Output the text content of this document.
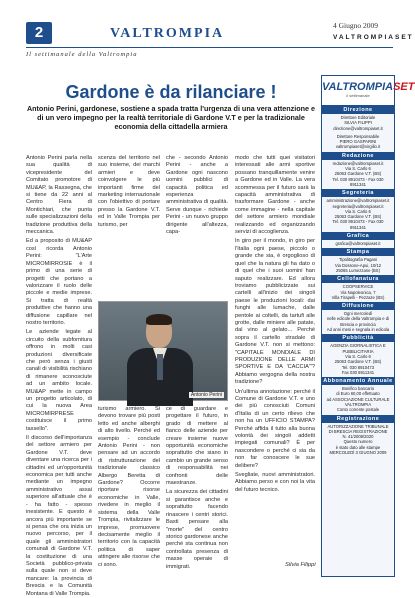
2	VALTROMPIA
4 Giugno 2009
VALTROMPIASET
Il settimanale della Valtrompia
Gardone è da rilanciare !
Antonio Perini, gardonese, sostiene a spada tratta l'urgenza di una vera attenzione e di un vero impegno per la realtà territoriale di Gardone V.T e per la tradizionale economia della cittadella armiera

Antonio Perini parla nella sua qualità di vicepresidente del Comitato promotore di MU&AP, la Rassegna, che si tiene da 22 anni al Centro Fiera di Montichiari, che punta sulle specializzazioni della tradizione produttiva della meccanica.

Ed a proposito di MU&AP così ricorda Antonio Perini: "L'Arte MICROMIRROSIE è il primo di una serie di progetti che portano a valorizzare il ruolo delle piccole e medie imprese. Si tratta di realtà produttive che hanno una diffusione capillare nel nostro territorio.

Le aziende legate al circuito della subfornitura offrono in molti casi produzioni diversificate che però senza i giusti canali di visibilità rischiano di rimanere sconosciute ad un ambito locale. MU&AP mette in campo un progetto articolato, di cui la nuova Area MICROMIRPRESE costituisce il primo tassello".

Il discorso dell'importanza del settore armiero per Gardone V.T. deve diventare una ricerca per i cittadini ed un'opportunità economica per tutti anche mediante un impegno amministrativo assai superiore all'attuale che è - ha fatto - spesso inesistente. E questo è ancora più importante se si pensa che ora inizia un nuovo percorso, per il quale gli amministratori comunali di Gardone V.T. la costituzione di una Società pubblico-privata sulla quale non si deve mancare: la provincia di Brescia e la Comunità Montana di Valle Trompia.

scenza del territorio nel suo insieme, dei marchi armieri e deve coinvolgere le più importanti firme del marketing internazionale con l'obiettivo di portare presso la Gardone V.T. ed in Valle Trompia per turismo, per

che - secondo Antonio Perini - anche a Gardone ogni nascono uomini pubblici di capacità politica ed esperienza amministrativa di qualità. Serve dunque - richiede Perini - un nuovo gruppo dirigente all'altezza, capa-

Antonio Perini

turismo armiero. Si devono trovare più posti letto ed anche alberghi di alto livello. Perché ed esempio - conclude Antonio Perini - non pensare ad un accordo di ristrutturazione del tradizionale classico Albergo Beretta di Gardone? Occorre riportare risorse economiche in Valle, rivedere in meglio il sistema della Valle Trompia, rivitalizzare le imprese, promuovere decisamente meglio il territorio con la capacità politica di saper attingere alle risorse che ci sono.

ce di guardare e progettare il futuro, in grado di mettere al fianco delle aziende per creare insieme nuove opportunità economiche soprattutto che siano in cambio un grande senso di responsabilità nei confronti delle maestranze.

La sicurezza dei cittadini si garantisce anche e soprattutto facendo rinascere i centri storici. Basti pensare alla "morte" del centro storico gardonese anche perché sta continua non controllata presenza di masse operaie di immigrati.

modo che tutti quei visitatori interessati alle armi sportive possano tranquillamente venire a Gardone ed in Valle. La vera scommessa per il futuro sarà la capacità amministrativa di trasformare Gardone - anche come immagine - nella capitale del settore armiero mondiale realizzando ed organizzando servizi di accoglienza.

In giro per il mondo, in giro per l'Italia ogni paese, piccolo o grande che sia, è orgoglioso di quel che la natura gli ha dato o di quel che i suoi uomini han saputo realizzare. Ed allora troviamo pubblicizzate sui cartelli all'inizio dei singoli paese le produzioni locali: dai funghi alle lumache, dalle pentole ai coltelli, da tartufi alle grotte, dalle miniere alle patate, dal vino al gelato... Perché sopra il cartello stradale di Gardone V.T. non si mettono: "CAPITALE MONDIALE DI PRODUZIONE DELLE ARMI SPORTIVE E DA 'CACCIA'"? Abbiamo vergogna della nostra tradizione?

Un'ultima annotazione: perché il Comune di Gardone V.T. e uno dei più conosciuti Comuni d'Italia di un certo rilievo che non ha un UFFICIO STAMPA? Perché affida il tutto alla buona volontà dei singoli addetti impiegati comunali? È per nascondere o perché ci sia da non far conoscere le sue delibere?

Svegliate, nuovi amministratori. Abbiamo perso e con noi la vita del futuro tecnico.

Silvia Filippi
VALTROMPIASET
il settimanale
Direzione
Direttore Editoriale
SILVIA FILIPPI
direzione@valtrompiaset.it
Direttore Responsabile
PIERO GASPARINI
valtrompiaset@virgilio.it
Redazione
redazione@valtrompiaset.it
Via S. Carlo 6
25063 Gardone V.T. (BS)
Tel. 030 8910473 - Fax 030 8911341
Segreteria
amministrazione@valtrompiaset.it
segreteria@valtrompiaset.it
Via S. Carlo 6
25063 Gardone V.T. (BS)
Tel. 030 8910473 - Fax 030 8911341
Grafica
grafica@valtrompiaset.it
Stampa
Tipolitografia Pagani
Via Dossone-Apui, 10/12
25065 Lumezzane (BS)
Cellofanatura
COOPSERVICE
Via Napoleonica, 7
Villa Tirapelli - Pezzaze (BS)
Diffusione
Ogni mercoledì
nelle edicole della Valtrompia e di Brescia e provincia
Ad anni mesi e segnala in edicola
Pubblicità
AGENZIA GIORNALISTICA E PUBBLICITARIA
Via S. Carlo 6
25063 Gardone V.T. (BS)
Tel. 030 8910473
Fax 030 8911341
Abbonamento Annuale
Bonifico bancario
di Euro 60,00 effettuato
ad ASSOCIAZIONE CULTURALE VALTROMPIA
Conto corrente postale
Registrazione
AUTORIZZAZIONE TRIBUNALE
DI BRESCIA REGISTRAZIONE
N. 41/2008/2020
Questo numero
è stato dato alle stampe
MERCOLEDÌ 3 GIUGNO 2009
